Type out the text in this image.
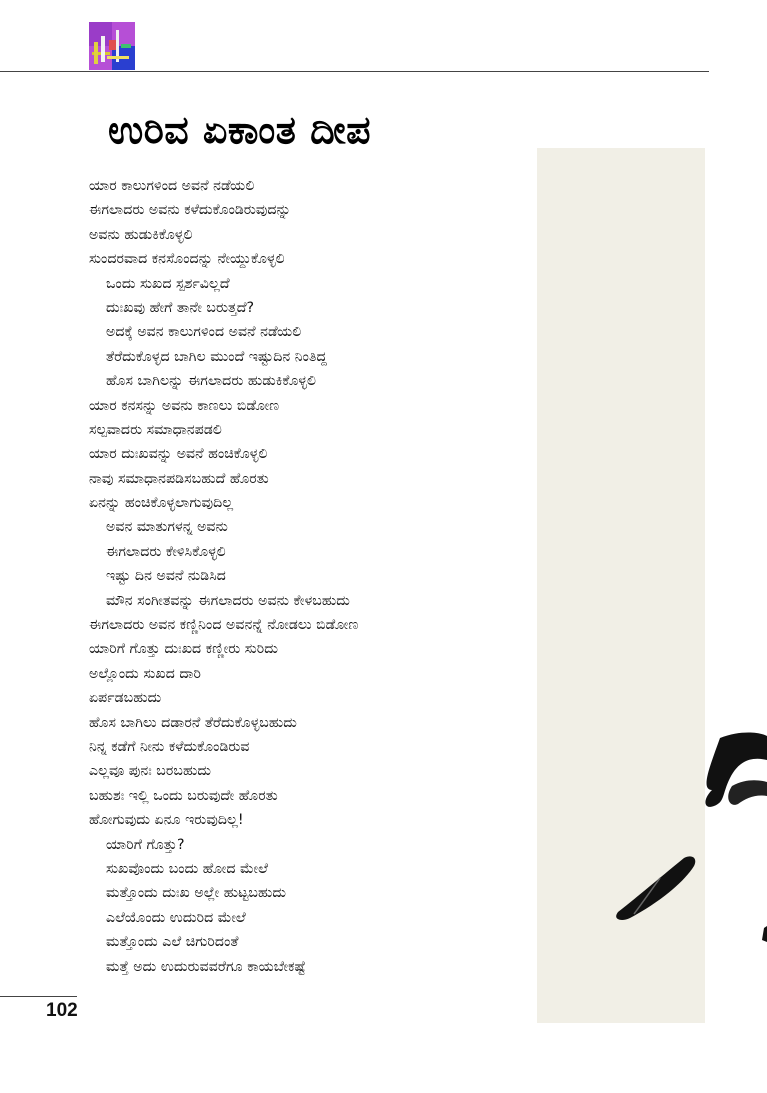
ಉರಿವ ಏಕಾಂತ ದೀಪ
ಯಾರ ಕಾಲುಗಳಿಂದ ಅವನೆ ನಡೆಯಲಿ
ಈಗಲಾದರು ಅವನು ಕಳೆದುಕೊಂಡಿರುವುದನ್ನು
ಅವನು ಹುಡುಕಿಕೊಳ್ಳಲಿ
ಸುಂದರವಾದ ಕನಸೊಂದನ್ನು ನೇಯ್ದುಕೊಳ್ಳಲಿ
ಒಂದು ಸುಖದ ಸ್ಪರ್ಶವಿಲ್ಲದೆ
ದುಃಖವು ಹೇಗೆ ತಾನೇ ಬರುತ್ತದೆ?
ಅದಕ್ಕೆ ಅವನ ಕಾಲುಗಳಿಂದ ಅವನೆ ನಡೆಯಲಿ
ತೆರೆದುಕೊಳ್ಳದ ಬಾಗಿಲ ಮುಂದೆ ಇಷ್ಟುದಿನ ನಿಂತಿದ್ದ
ಹೊಸ ಬಾಗಿಲನ್ನು ಈಗಲಾದರು ಹುಡುಕಿಕೊಳ್ಳಲಿ
ಯಾರ ಕನಸನ್ನು ಅವನು ಕಾಣಲು ಬಿಡೋಣ
ಸಲ್ಪವಾದರು ಸಮಾಧಾನಪಡಲಿ
ಯಾರ ದುಃಖವನ್ನು ಅವನೆ ಹಂಚಿಕೊಳ್ಳಲಿ
ನಾವು ಸಮಾಧಾನಪಡಿಸಬಹುದೆ ಹೊರತು
ಏನನ್ನು ಹಂಚಿಕೊಳ್ಳಲಾಗುವುದಿಲ್ಲ
ಅವನ ಮಾತುಗಳನ್ನ ಅವನು
ಈಗಲಾದರು ಕೇಳಿಸಿಕೊಳ್ಳಲಿ
ಇಷ್ಟು ದಿನ ಅವನೆ ನುಡಿಸಿದ
ಮೌನ ಸಂಗೀತವನ್ನು ಈಗಲಾದರು ಅವನು ಕೇಳಬಹುದು
ಈಗಲಾದರು ಅವನ ಕಣ್ಣಿನಿಂದ ಅವನನ್ನೆ ನೋಡಲು ಬಿಡೋಣ
ಯಾರಿಗೆ ಗೊತ್ತು ದುಃಖದ ಕಣ್ಣೀರು ಸುರಿದು
ಅಲ್ಲೊಂದು ಸುಖದ ದಾರಿ
ಏರ್ಪಡಬಹುದು
ಹೊಸ ಬಾಗಿಲು ದಡಾರನೆ ತೆರೆದುಕೊಳ್ಳಬಹುದು
ನಿನ್ನ ಕಡೆಗೆ ನೀನು ಕಳೆದುಕೊಂಡಿರುವ
ಎಲ್ಲವೂ ಪುನಃ ಬರಬಹುದು
ಬಹುಶಃ ಇಲ್ಲಿ ಒಂದು ಬರುವುದೇ ಹೊರತು
ಹೋಗುವುದು ಏನೂ ಇರುವುದಿಲ್ಲ!
ಯಾರಿಗೆ ಗೊತ್ತು?
ಸುಖವೊಂದು ಬಂದು ಹೋದ ಮೇಲೆ
ಮತ್ತೊಂದು ದುಃಖ ಅಲ್ಲೇ ಹುಟ್ಟಬಹುದು
ಎಲೆಯೊಂದು ಉದುರಿದ ಮೇಲೆ
ಮತ್ತೊಂದು ಎಲೆ ಚಿಗುರಿದಂತೆ
ಮತ್ತೆ ಅದು ಉದುರುವವರೆಗೂ ಕಾಯಬೇಕಷ್ಟೆ

102
